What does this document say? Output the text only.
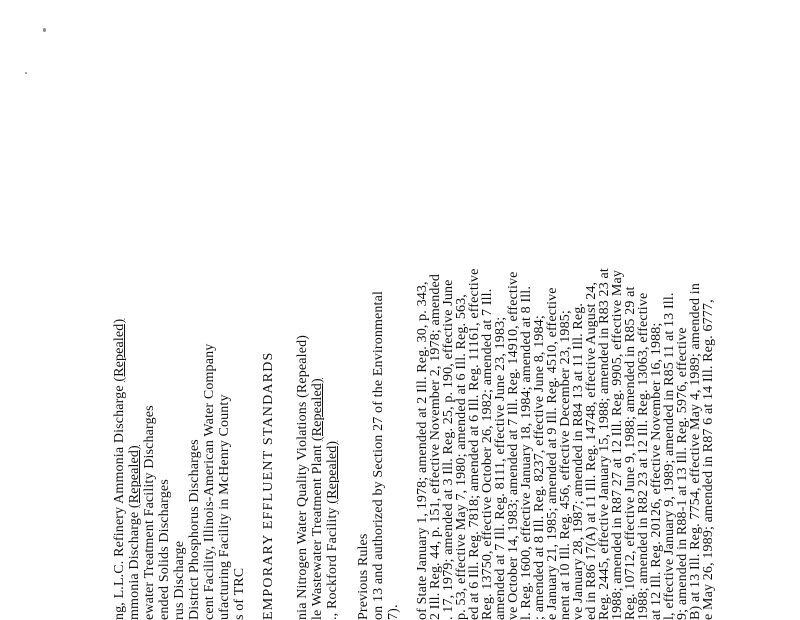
ng, L.L.C. Refinery Ammonia Discharge (Repealed)
mmonia Discharge (Repealed) ewater Treatment Facility Discharges ended Solids Discharges rus Discharge District Phosphorus Discharges cent Facility, Illinois-American Water Company ufacturing Facility in McHenry County s of TRC EMPORARY EFFLUENT STANDARDS nia Nitrogen Water Quality Violations (Repealed) le Wastewater Treatment Plant (Repealed)
., Rockford Facility (Repealed)
Previous Rules on 13 and authorized by Section 27 of the Environmental 7). of State January 1, 1978; amended at 2 Ill. Reg. 30, p. 343,
2 Ill. Reg. 44, p. 151, effective November 2, 1978; amended
. 17, 1979; amended at 3 Ill. Reg. 25, p. 190, effective June
p. 53, effective May 7, 1980; amended at 6 Ill. Reg. 563,
ed at 6 Ill. Reg. 7818; amended at 6 Ill. Reg. 11161, effective
Reg. 13750, effective October 26, 1982; amended at 7 Ill.
amended at 7 Ill. Reg. 8111, effective June 23, 1983;
ve October 14, 1983; amended at 7 Ill. Reg. 14910, effective
l. Reg. 1600, effective January 18, 1984; amended at 8 Ill.
; amended at 8 Ill. Reg. 8237, effective June 8, 1984;
e January 21, 1985; amended at 9 Ill. Reg. 4510, effective
nent at 10 Ill. Reg. 456, effective December 23, 1985;
ve January 28, 1987; amended in R84 13 at 11 Ill. Reg.
ed in R86 17(A) at 11 Ill. Reg. 14748, effective August 24,
Reg. 2445, effective January 15, 1988; amended in R83 23 at
1988; amended in R87 27 at 12 Ill. Reg. 9905, effective May
Reg. 10712, effective June 9, 1988; amended in R85 29 at
1988; amended in R82 23 at 12 Ill. Reg. 13063, effective
at 12 Ill. Reg. 20126, effective November 16, 1988;
l, effective January 9, 1989; amended in R85 11 at 13 Ill.
9; amended in R88-1 at 13 Ill. Reg. 5976, effective
B) at 13 Ill. Reg. 7754, effective May 4, 1989; amended in
e May 26, 1989; amended in R87 6 at 14 Ill. Reg. 6777,
